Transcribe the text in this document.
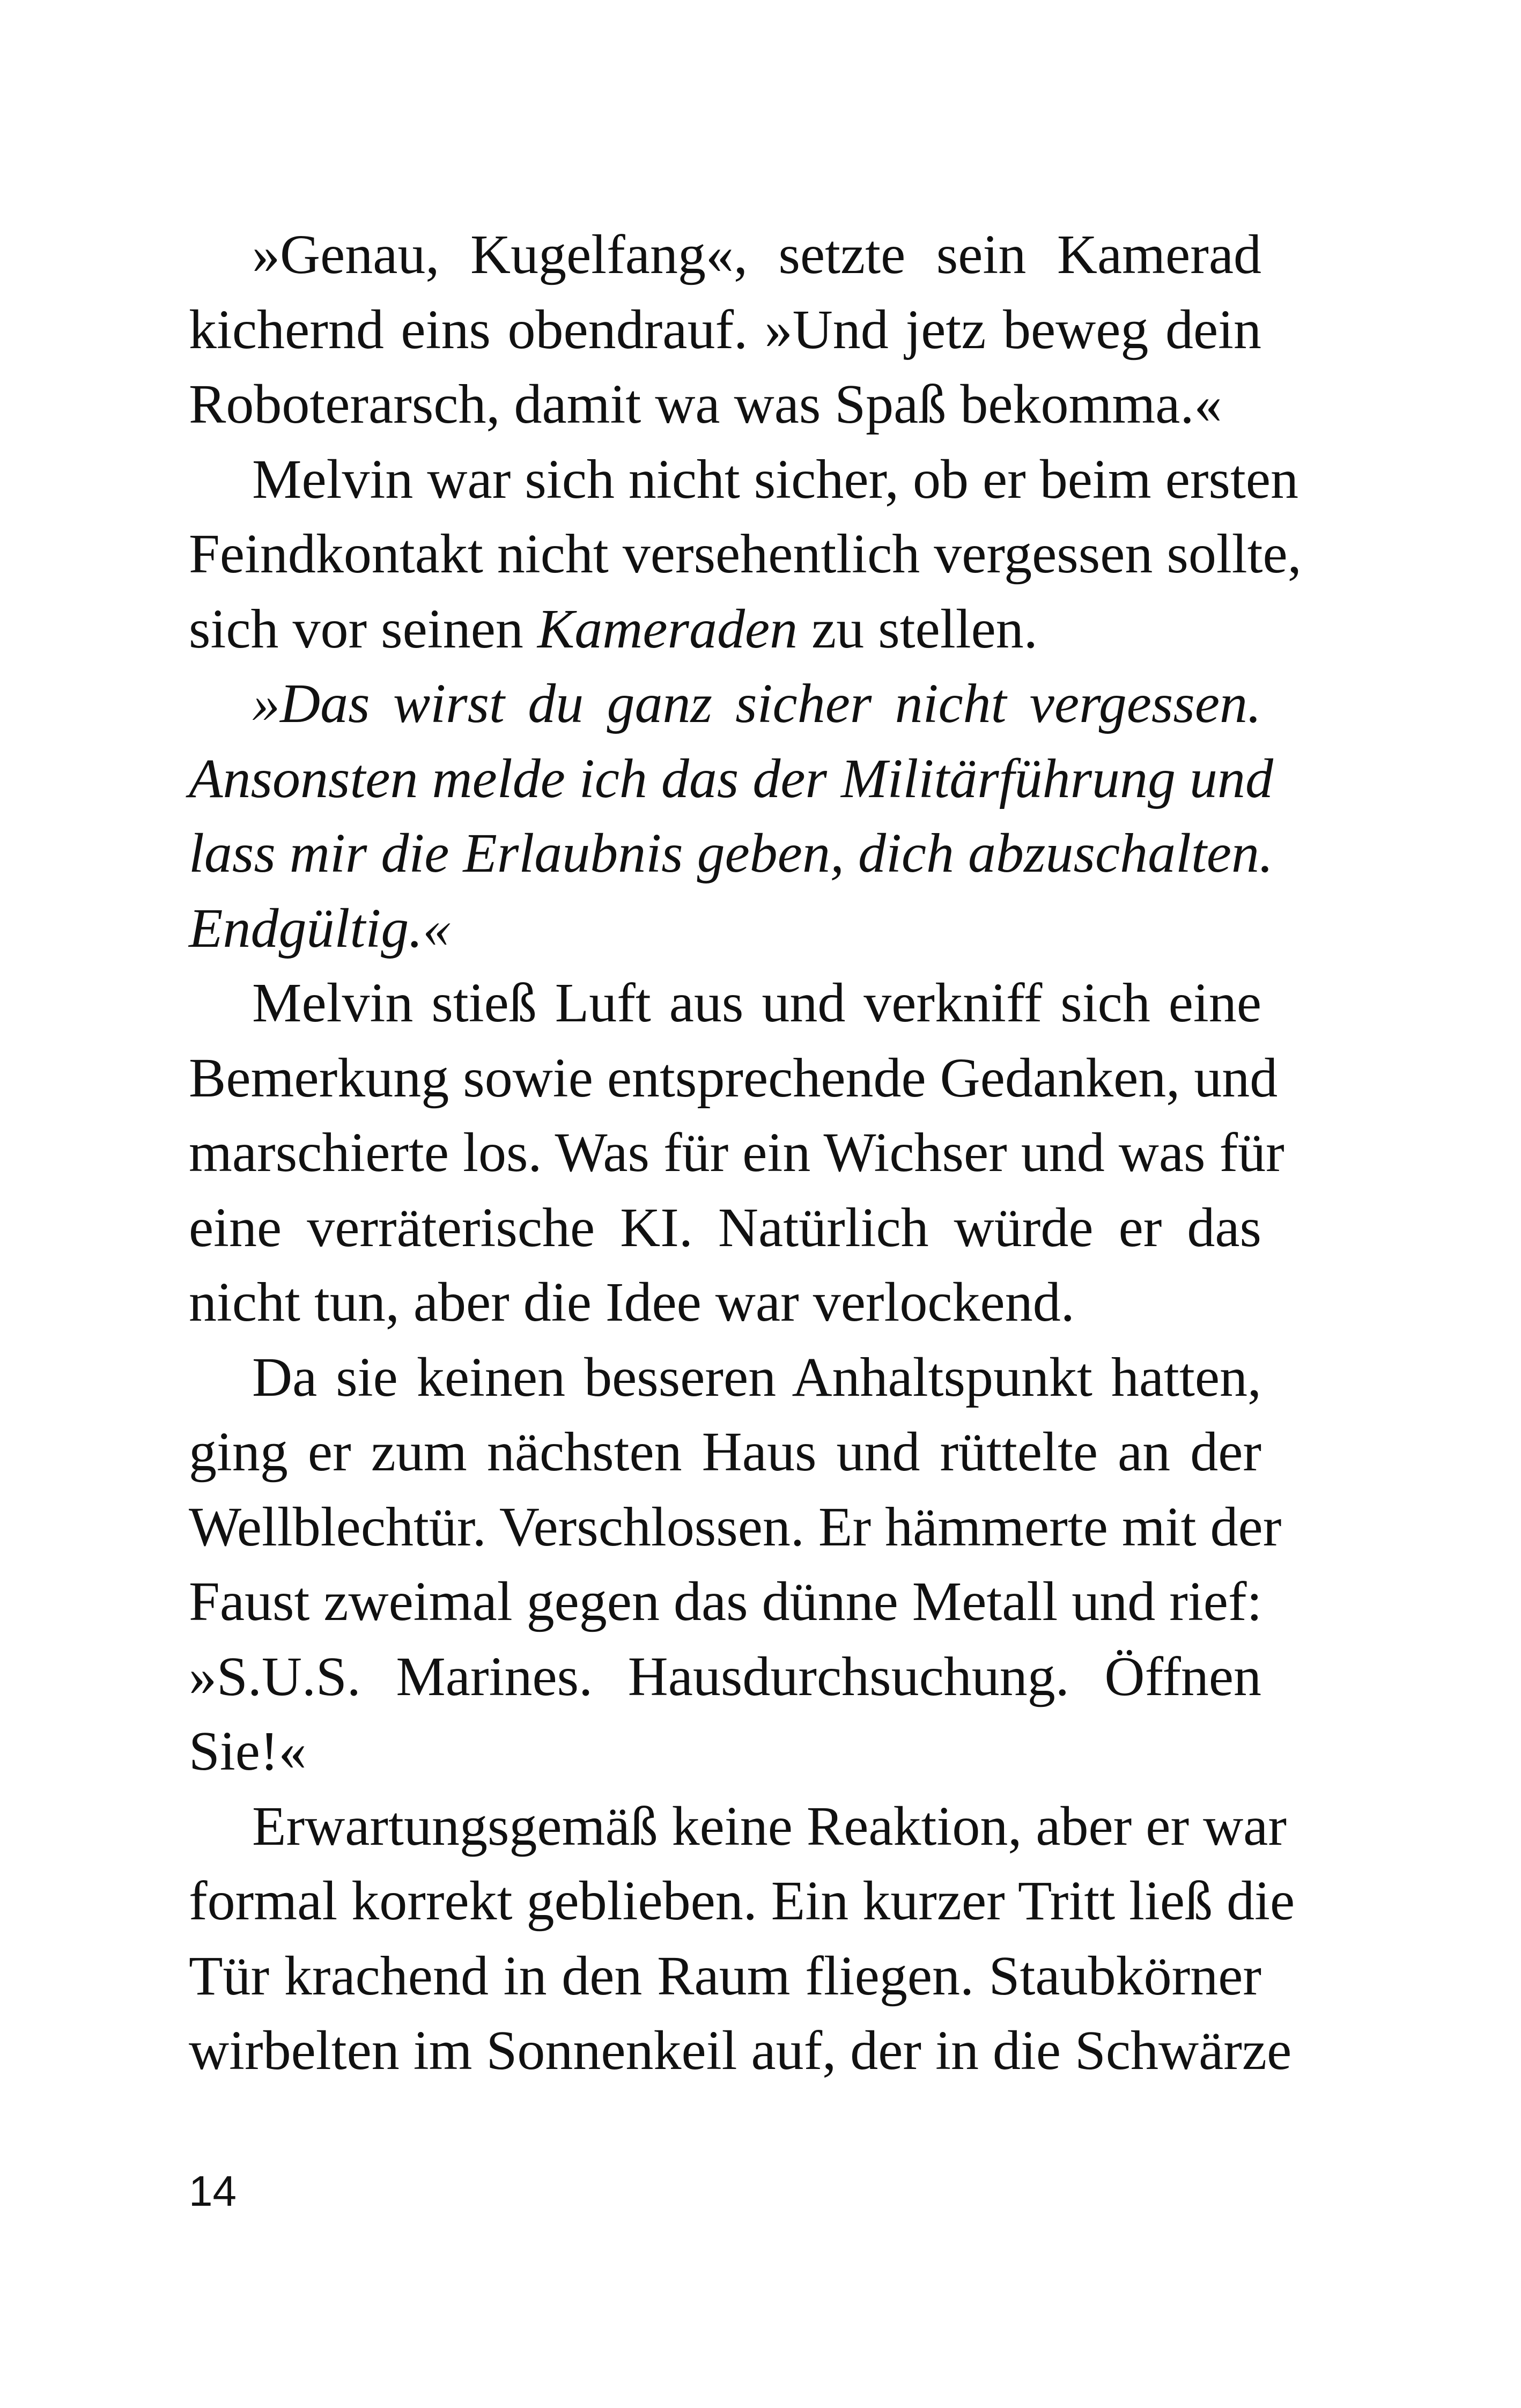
»Genau, Kugelfang«, setzte sein Kamerad
kichernd eins obendrauf. »Und jetz beweg dein
Roboterarsch, damit wa was Spaß bekomma.«
Melvin war sich nicht sicher, ob er beim ersten
Feindkontakt nicht versehentlich vergessen sollte,
sich vor seinen Kameraden zu stellen.
»Das wirst du ganz sicher nicht vergessen.
Ansonsten melde ich das der Militärführung und
lass mir die Erlaubnis geben, dich abzuschalten.
Endgültig.«
Melvin stieß Luft aus und verkniff sich eine
Bemerkung sowie entsprechende Gedanken, und
marschierte los. Was für ein Wichser und was für
eine verräterische KI. Natürlich würde er das
nicht tun, aber die Idee war verlockend.
Da sie keinen besseren Anhaltspunkt hatten,
ging er zum nächsten Haus und rüttelte an der
Wellblechtür. Verschlossen. Er hämmerte mit der
Faust zweimal gegen das dünne Metall und rief:
»S.U.S. Marines. Hausdurchsuchung. Öffnen
Sie!«
Erwartungsgemäß keine Reaktion, aber er war
formal korrekt geblieben. Ein kurzer Tritt ließ die
Tür krachend in den Raum fliegen. Staubkörner
wirbelten im Sonnenkeil auf, der in die Schwärze
14
